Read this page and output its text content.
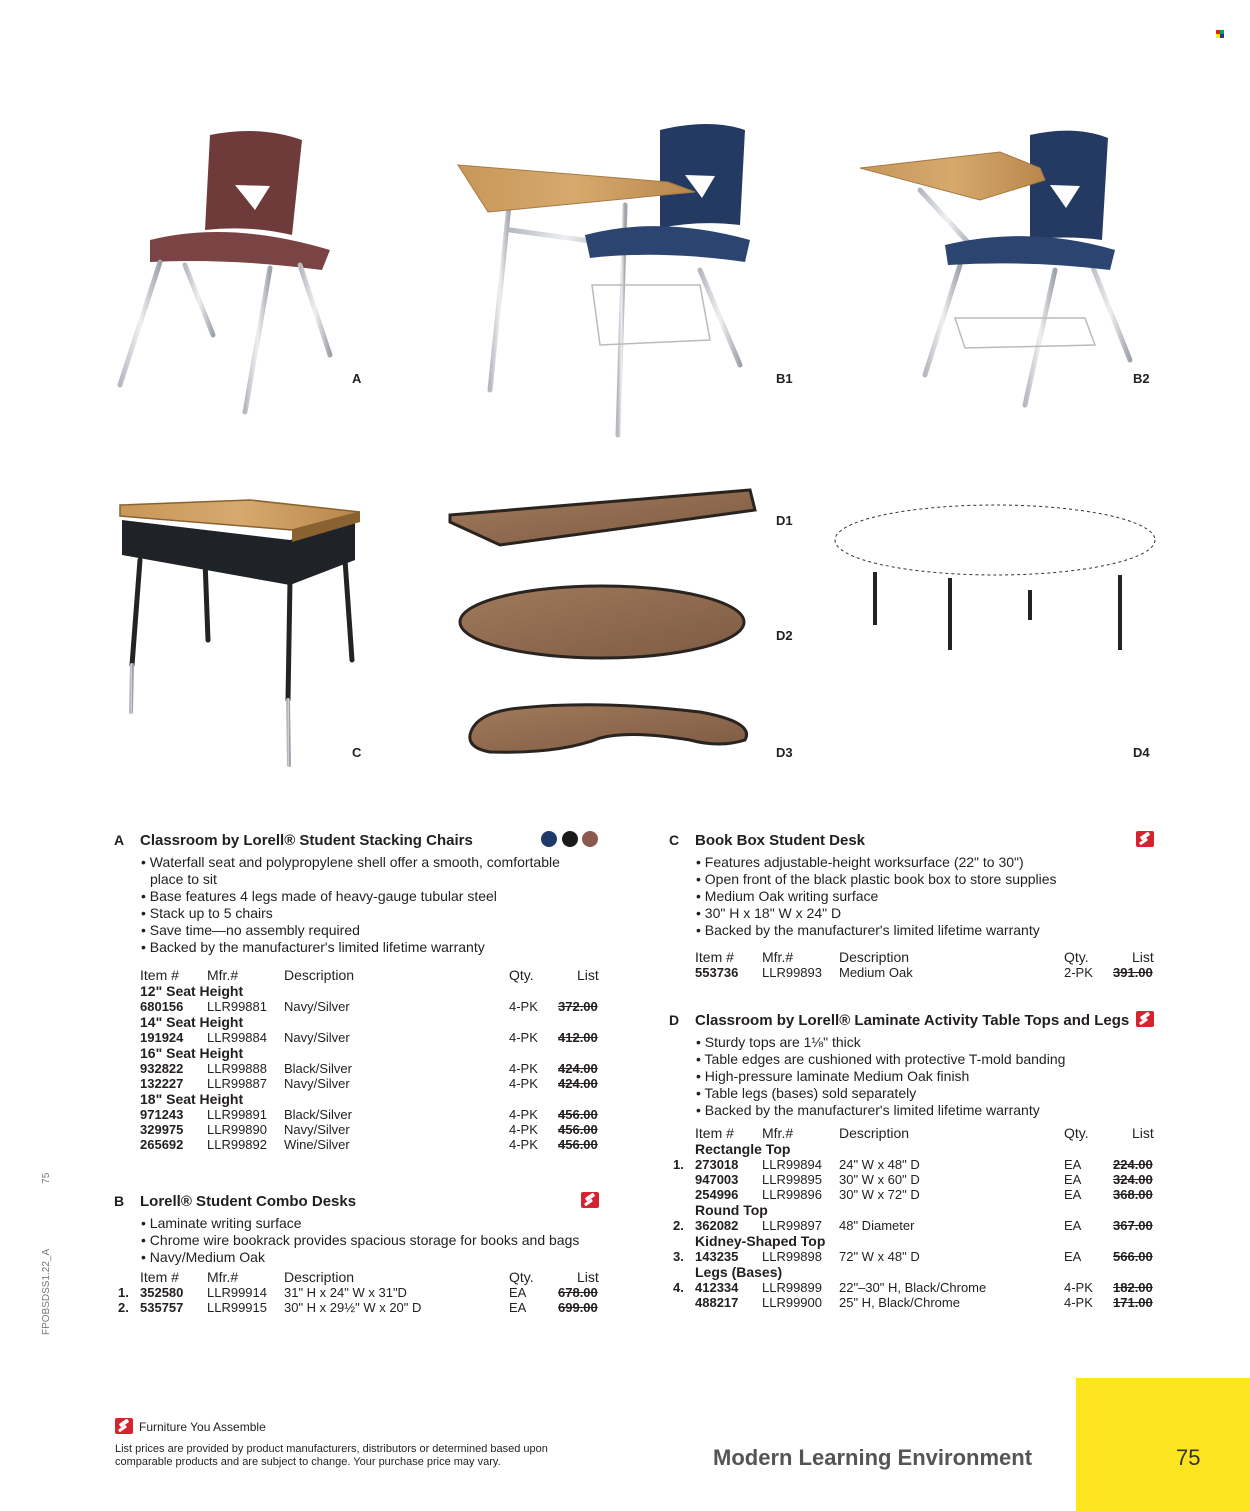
A	B1	B2
C
D1
D2
D3	D4
A Classroom by Lorell® Student Stacking Chairs
• Waterfall seat and polypropylene shell offer a smooth, comfortable place to sit
• Base features 4 legs made of heavy-gauge tubular steel
• Stack up to 5 chairs
• Save time—no assembly required
• Backed by the manufacturer's limited lifetime warranty
Item # Mfr.#	Description	Qty.	List
12" Seat Height
680156 LLR99881 Navy/Silver	4-PK 372.00
14" Seat Height
191924 LLR99884 Navy/Silver	4-PK 412.00
16" Seat Height
932822 LLR99888 Black/Silver	4-PK 424.00
132227 LLR99887 Navy/Silver	4-PK 424.00
18" Seat Height
971243 LLR99891 Black/Silver	4-PK 456.00
329975 LLR99890 Navy/Silver	4-PK 456.00
265692 LLR99892 Wine/Silver	4-PK 456.00
B Lorell® Student Combo Desks
• Laminate writing surface
• Chrome wire bookrack provides spacious storage for books and bags
• Navy/Medium Oak
Item # Mfr.#	Description	Qty.	List
1. 352580 LLR99914 31" H x 24" W x 31"D	EA 678.00
2. 535757 LLR99915 30" H x 29½" W x 20" D	EA 699.00
C Book Box Student Desk
• Features adjustable-height worksurface (22" to 30")
• Open front of the black plastic book box to store supplies
• Medium Oak writing surface
• 30" H x 18" W x 24" D
• Backed by the manufacturer's limited lifetime warranty
Item # Mfr.#	Description	Qty.	List
553736 LLR99893 Medium Oak	2-PK 391.00
D Classroom by Lorell® Laminate Activity Table Tops and Legs
• Sturdy tops are 1⅛" thick
• Table edges are cushioned with protective T-mold banding
• High-pressure laminate Medium Oak finish
• Table legs (bases) sold separately
• Backed by the manufacturer's limited lifetime warranty
Item # Mfr.#	Description	Qty.	List
Rectangle Top
1. 273018 LLR99894 24" W x 48" D	EA 224.00
947003 LLR99895 30" W x 60" D	EA 324.00
254996 LLR99896 30" W x 72" D	EA 368.00
Round Top
2. 362082 LLR99897 48" Diameter	EA 367.00
Kidney-Shaped Top
3. 143235 LLR99898 72" W x 48" D	EA 566.00
Legs (Bases)
4. 412334 LLR99899 22"–30" H, Black/Chrome	4-PK 182.00
488217 LLR99900 25" H, Black/Chrome	4-PK 171.00
FPOBSDSS1.22_A  75
Furniture You Assemble
List prices are provided by product manufacturers, distributors or determined based upon
comparable products and are subject to change. Your purchase price may vary.	Modern Learning Environment	75
